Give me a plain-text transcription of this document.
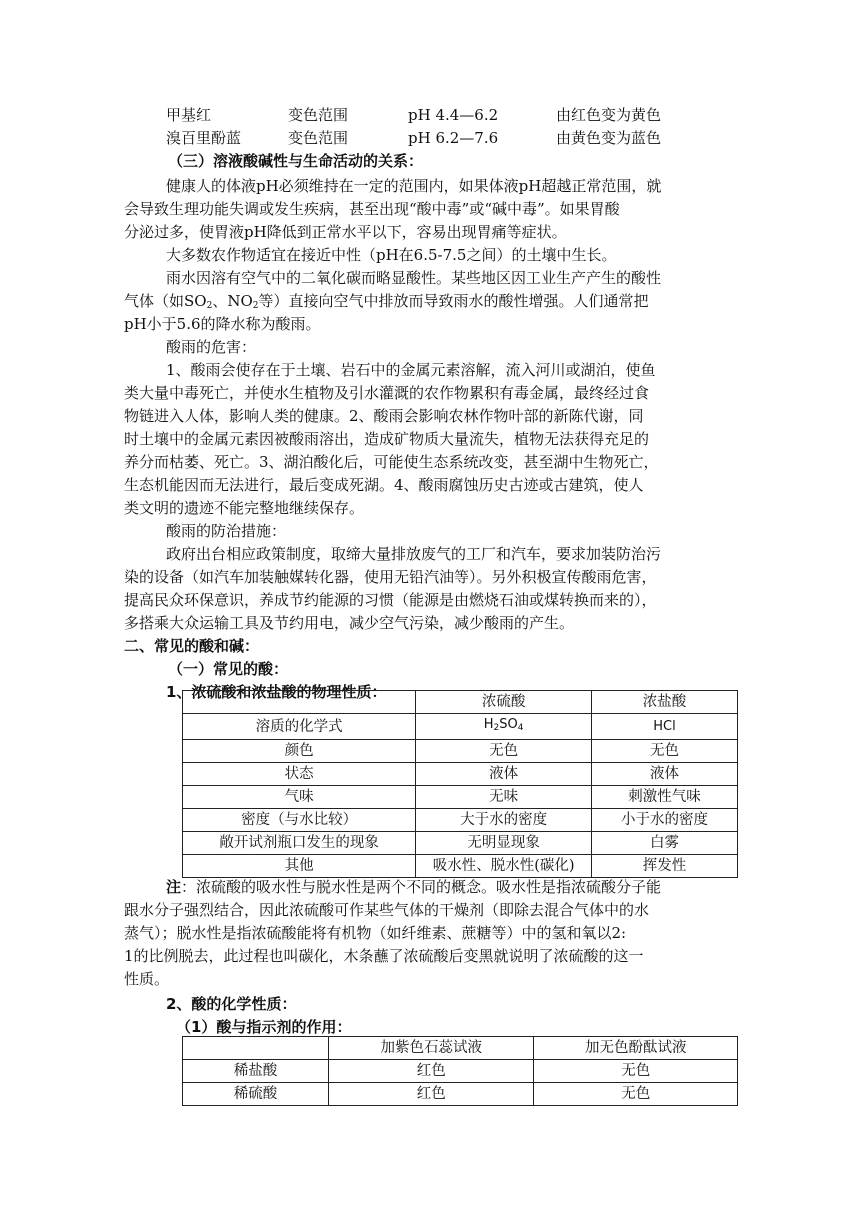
甲基红	变色范围	pH 4.4—6.2	由红色变为黄色
溴百里酚蓝	变色范围	pH 6.2—7.6	由黄色变为蓝色
（三）溶液酸碱性与生命活动的关系：
健康人的体液pH必须维持在一定的范围内，如果体液pH超越正常范围，就
会导致生理功能失调或发生疾病，甚至出现“酸中毒”或“碱中毒”。如果胃酸
分泌过多，使胃液pH降低到正常水平以下，容易出现胃痛等症状。
大多数农作物适宜在接近中性（pH在6.5-7.5之间）的土壤中生长。
雨水因溶有空气中的二氧化碳而略显酸性。某些地区因工业生产产生的酸性
气体（如$SO_2$、$NO_2$等）直接向空气中排放而导致雨水的酸性增强。人们通常把
pH小于5.6的降水称为酸雨。
酸雨的危害：
1、酸雨会使存在于土壤、岩石中的金属元素溶解，流入河川或湖泊，使鱼
类大量中毒死亡，并使水生植物及引水灌溉的农作物累积有毒金属，最终经过食
物链进入人体，影响人类的健康。2、酸雨会影响农林作物叶部的新陈代谢，同
时土壤中的金属元素因被酸雨溶出，造成矿物质大量流失，植物无法获得充足的
养分而枯萎、死亡。3、湖泊酸化后，可能使生态系统改变，甚至湖中生物死亡，
生态机能因而无法进行，最后变成死湖。4、酸雨腐蚀历史古迹或古建筑，使人
类文明的遗迹不能完整地继续保存。
酸雨的防治措施：
政府出台相应政策制度，取缔大量排放废气的工厂和汽车，要求加装防治污
染的设备（如汽车加装触媒转化器，使用无铅汽油等）。另外积极宣传酸雨危害，
提高民众环保意识，养成节约能源的习惯（能源是由燃烧石油或煤转换而来的），
多搭乘大众运输工具及节约用电，减少空气污染，减少酸雨的产生。
二、常见的酸和碱：
（一）常见的酸：
1、浓硫酸和浓盐酸的物理性质：
	浓硫酸	浓盐酸
溶质的化学式	$H_2SO_4$	HCl
颜色	无色	无色
状态	液体	液体
气味	无味	刺激性气味
密度（与水比较）	大于水的密度	小于水的密度
敞开试剂瓶口发生的现象	无明显现象	白雾
其他	吸水性、脱水性(碳化)	挥发性
注：浓硫酸的吸水性与脱水性是两个不同的概念。吸水性是指浓硫酸分子能
跟水分子强烈结合，因此浓硫酸可作某些气体的干燥剂（即除去混合气体中的水
蒸气）；脱水性是指浓硫酸能将有机物（如纤维素、蔗糖等）中的氢和氧以2:
1的比例脱去，此过程也叫碳化，木条蘸了浓硫酸后变黑就说明了浓硫酸的这一
性质。
2、酸的化学性质：
（1）酸与指示剂的作用：
	加紫色石蕊试液	加无色酚酞试液
稀盐酸	红色	无色
稀硫酸	红色	无色
